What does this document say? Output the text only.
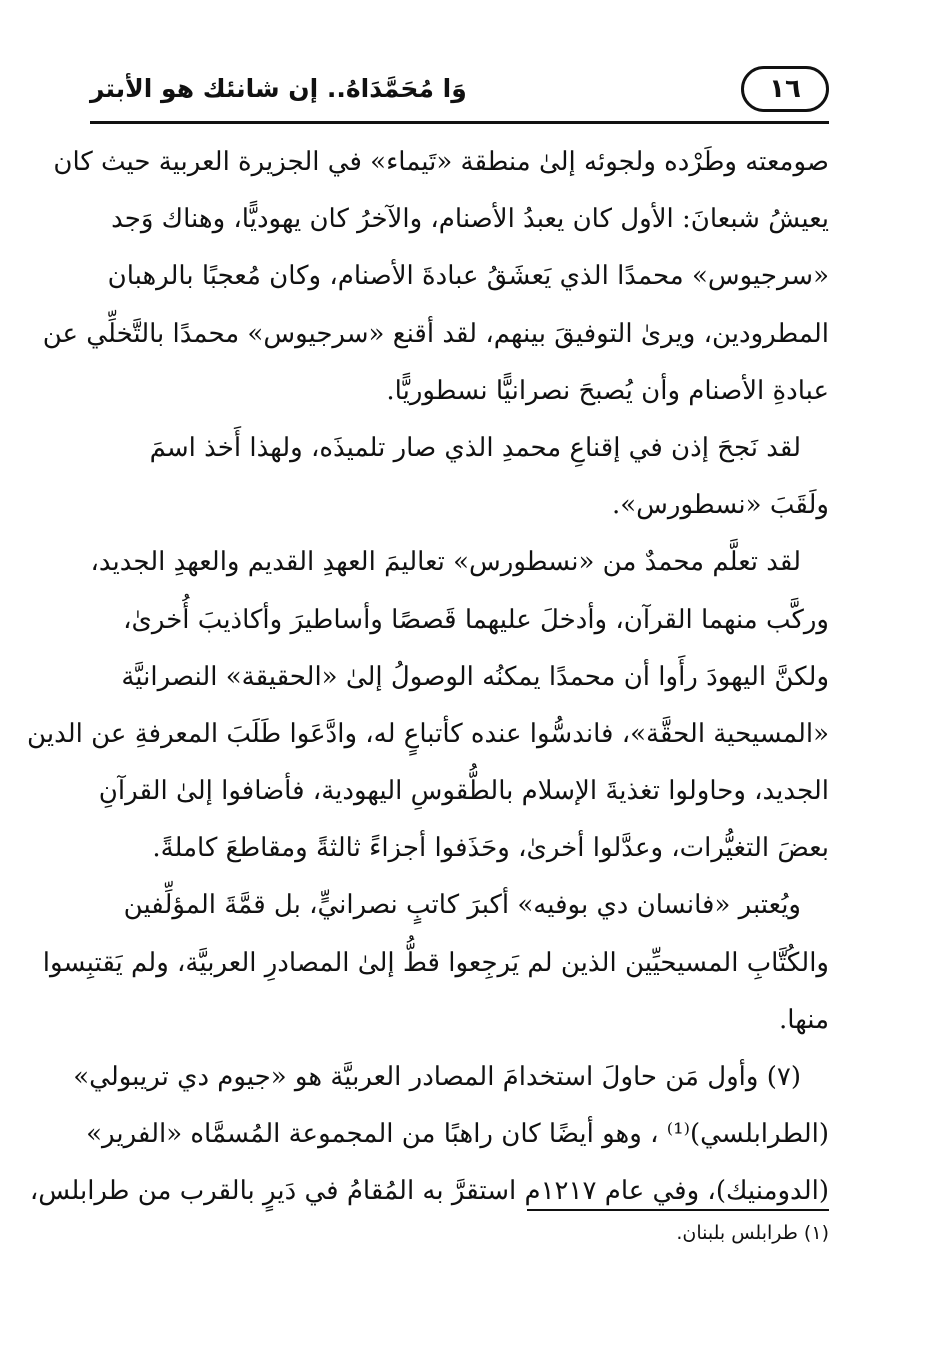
١٦
وَا مُحَمَّدَاهُ.. إن شانئك هو الأبتر
صومعته وطَرْده ولجوئه إلىٰ منطقة «تَيماء» في الجزيرة العربية حيث كان
يعيشُ شبعانَ: الأول كان يعبدُ الأصنام، والآخرُ كان يهوديًّا، وهناك وَجد
«سرجيوس» محمدًا الذي يَعشَقُ عبادةَ الأصنام، وكان مُعجبًا بالرهبان
المطرودين، ويرىٰ التوفيقَ بينهم، لقد أقنع «سرجيوس» محمدًا بالتَّخلِّي عن
عبادةِ الأصنام وأن يُصبحَ نصرانيًّا نسطوريًّا.
لقد نَجحَ إذن في إقناعِ محمدِ الذي صار تلميذَه، ولهذا أَخذ اسمَ
ولَقَبَ «نسطورس».
لقد تعلَّم محمدٌ من «نسطورس» تعاليمَ العهدِ القديم والعهدِ الجديد،
وركَّب منهما القرآن، وأدخلَ عليهما قَصصًا وأساطيرَ وأكاذيبَ أُخرىٰ،
ولكنَّ اليهودَ رأَوا أن محمدًا يمكنُه الوصولُ إلىٰ «الحقيقة» النصرانيَّة
«المسيحية الحقَّة»، فاندسُّوا عنده كأتباعٍ له، وادَّعَوا طَلَبَ المعرفةِ عن الدين
الجديد، وحاولوا تغذيةَ الإسلام بالطُّقوسِ اليهودية، فأضافوا إلىٰ القرآنِ
بعضَ التغيُّرات، وعدَّلوا أخرىٰ، وحَذَفوا أجزاءً ثالثةً ومقاطعَ كاملةً.
ويُعتبر «فانسان دي بوفيه» أكبرَ كاتبٍ نصرانيٍّ، بل قمَّةَ المؤلِّفين
والكُتَّابِ المسيحيِّين الذين لم يَرجِعوا قطُّ إلىٰ المصادرِ العربيَّة، ولم يَقتبِسوا
منها.
(٧) وأول مَن حاولَ استخدامَ المصادر العربيَّة هو «جيوم دي تريبولي»
(الطرابلسي)⁽¹⁾ ، وهو أيضًا كان راهبًا من المجموعة المُسمَّاه «الفرير»
(الدومنيك)، وفي عام ١٢١٧م استقرَّ به المُقامُ في دَيرٍ بالقرب من طرابلس،
(١) طرابلس بلبنان.
